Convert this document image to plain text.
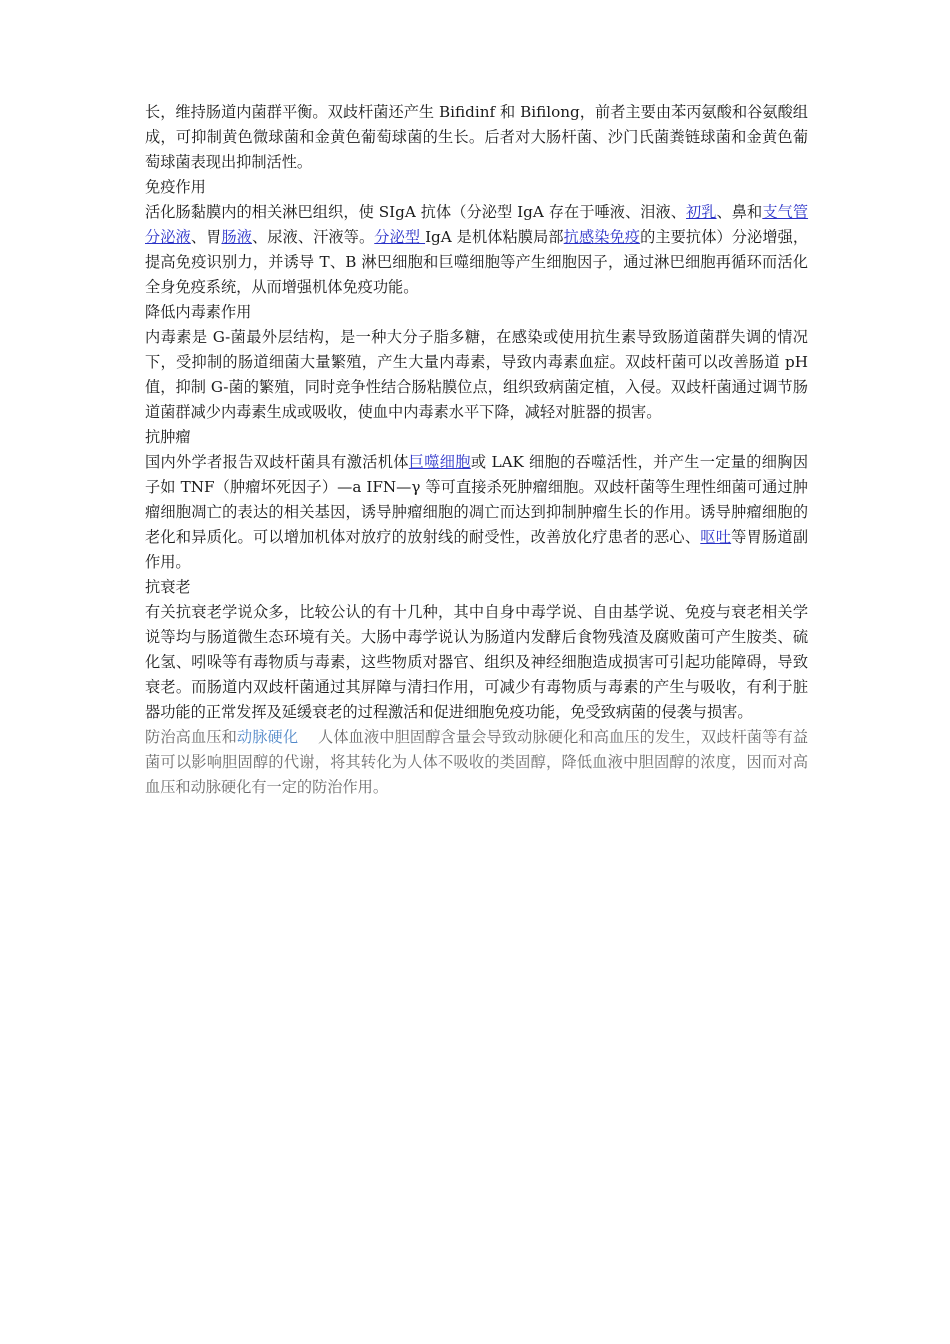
长，维持肠道内菌群平衡。双歧杆菌还产生 Bifidinf 和 Bifilong，前者主要由苯丙氨酸和谷氨酸组成，可抑制黄色微球菌和金黄色葡萄球菌的生长。后者对大肠杆菌、沙门氏菌粪链球菌和金黄色葡萄球菌表现出抑制活性。

免疫作用

活化肠黏膜内的相关淋巴组织，使 SIgA 抗体（分泌型 IgA 存在于唾液、泪液、初乳、鼻和支气管分泌液、胃肠液、尿液、汗液等。分泌型 IgA 是机体粘膜局部抗感染免疫的主要抗体）分泌增强，提高免疫识别力，并诱导 T、B 淋巴细胞和巨噬细胞等产生细胞因子，通过淋巴细胞再循环而活化全身免疫系统，从而增强机体免疫功能。

降低内毒素作用

内毒素是 G-菌最外层结构，是一种大分子脂多糖，在感染或使用抗生素导致肠道菌群失调的情况下，受抑制的肠道细菌大量繁殖，产生大量内毒素，导致内毒素血症。双歧杆菌可以改善肠道 pH 值，抑制 G-菌的繁殖，同时竞争性结合肠粘膜位点，组织致病菌定植，入侵。双歧杆菌通过调节肠道菌群减少内毒素生成或吸收，使血中内毒素水平下降，减轻对脏器的损害。

抗肿瘤

国内外学者报告双歧杆菌具有激活机体巨噬细胞或 LAK 细胞的吞噬活性，并产生一定量的细胸因子如 TNF（肿瘤坏死因子）—a IFN—γ 等可直接杀死肿瘤细胞。双歧杆菌等生理性细菌可通过肿瘤细胞凋亡的表达的相关基因，诱导肿瘤细胞的凋亡而达到抑制肿瘤生长的作用。诱导肿瘤细胞的老化和异质化。可以增加机体对放疗的放射线的耐受性，改善放化疗患者的恶心、呕吐等胃肠道副作用。

抗衰老

有关抗衰老学说众多，比较公认的有十几种，其中自身中毒学说、自由基学说、免疫与衰老相关学说等均与肠道微生态环境有关。大肠中毒学说认为肠道内发酵后食物残渣及腐败菌可产生胺类、硫化氢、吲哚等有毒物质与毒素，这些物质对器官、组织及神经细胞造成损害可引起功能障碍，导致衰老。而肠道内双歧杆菌通过其屏障与清扫作用，可减少有毒物质与毒素的产生与吸收，有利于脏器功能的正常发挥及延缓衰老的过程激活和促进细胞免疫功能，免受致病菌的侵袭与损害。

防治高血压和动脉硬化    人体血液中胆固醇含量会导致动脉硬化和高血压的发生，双歧杆菌等有益菌可以影响胆固醇的代谢，将其转化为人体不吸收的类固醇，降低血液中胆固醇的浓度，因而对高血压和动脉硬化有一定的防治作用。
